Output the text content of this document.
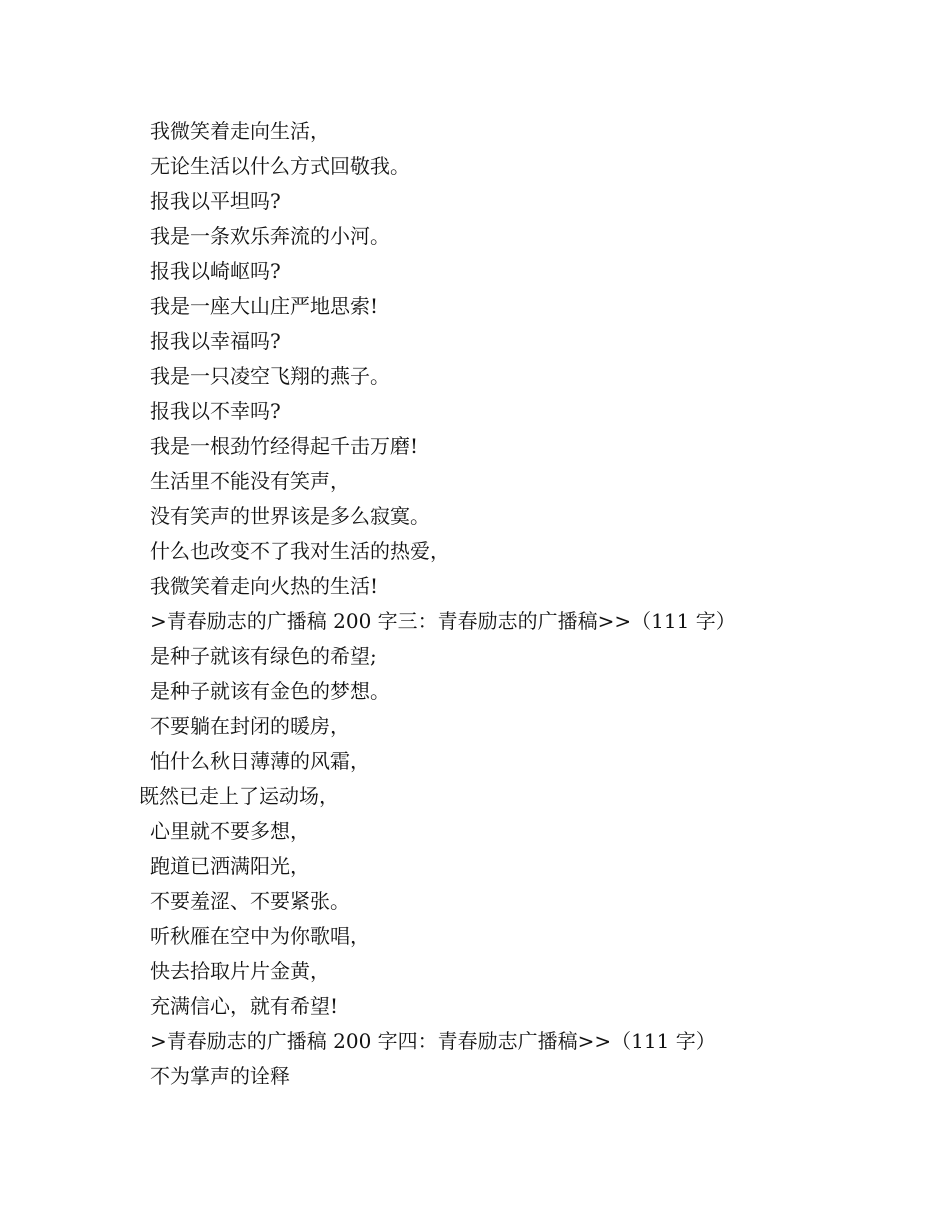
我微笑着走向生活，
无论生活以什么方式回敬我。
报我以平坦吗?
我是一条欢乐奔流的小河。
报我以崎岖吗?
我是一座大山庄严地思索!
报我以幸福吗?
我是一只凌空飞翔的燕子。
报我以不幸吗?
我是一根劲竹经得起千击万磨!
生活里不能没有笑声，
没有笑声的世界该是多么寂寞。
什么也改变不了我对生活的热爱，
我微笑着走向火热的生活!
>青春励志的广播稿 200 字三：青春励志的广播稿>>（111 字）
是种子就该有绿色的希望;
是种子就该有金色的梦想。
不要躺在封闭的暖房，
怕什么秋日薄薄的风霜，
既然已走上了运动场，
心里就不要多想，
跑道已洒满阳光，
不要羞涩、不要紧张。
听秋雁在空中为你歌唱，
快去拾取片片金黄，
充满信心，就有希望!
>青春励志的广播稿 200 字四：青春励志广播稿>>（111 字）
不为掌声的诠释
